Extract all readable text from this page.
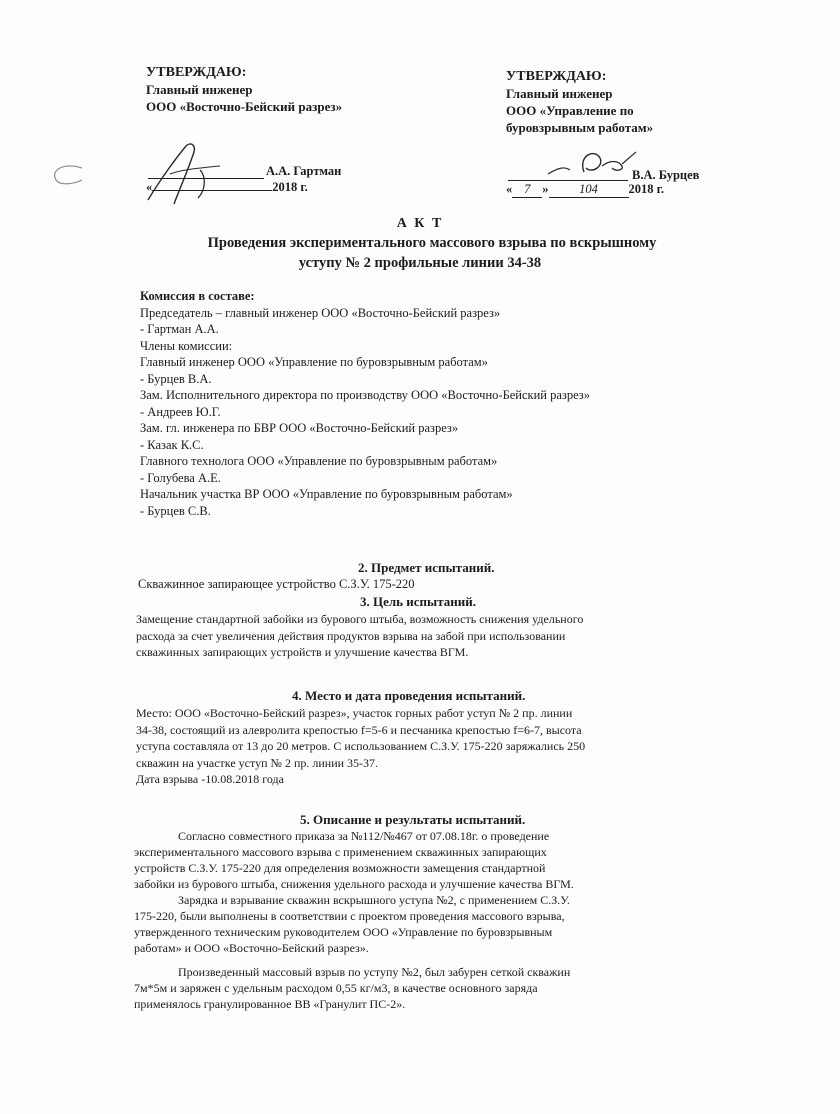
УТВЕРЖДАЮ:
Главный инженер
ООО «Восточно-Бейский разрез»
А.А. Гартман
«	2018 г.
УТВЕРЖДАЮ:
Главный инженер
ООО «Управление по
буровзрывным работам»
В.А. Бурцев
« 7 » 104 2018 г.
А К Т
Проведения экспериментального массового взрыва по вскрышному
уступу № 2 профильные линии 34-38
Комиссия в составе:
Председатель – главный инженер ООО «Восточно-Бейский разрез»
- Гартман А.А.
Члены комиссии:
Главный инженер ООО «Управление по буровзрывным работам»
- Бурцев В.А.
Зам. Исполнительного директора по производству ООО «Восточно-Бейский разрез»
- Андреев Ю.Г.
Зам. гл. инженера по БВР ООО «Восточно-Бейский разрез»
- Казак К.С.
Главного технолога ООО «Управление по буровзрывным работам»
- Голубева А.Е.
Начальник участка ВР ООО «Управление по буровзрывным работам»
- Бурцев С.В.
2. Предмет испытаний.
Скважинное запирающее устройство С.З.У. 175-220
3. Цель испытаний.
Замещение стандартной забойки из бурового штыба, возможность снижения удельного
расхода за счет увеличения действия продуктов взрыва на забой при использовании
скважинных запирающих устройств и улучшение качества ВГМ.
4. Место и дата проведения испытаний.
Место: ООО «Восточно-Бейский разрез», участок горных работ уступ № 2 пр. линии
34-38, состоящий из алевролита крепостью f=5-6 и песчаника крепостью f=6-7, высота
уступа составляла от 13 до 20 метров. С использованием С.З.У. 175-220 заряжались 250
скважин на участке уступ № 2 пр. линии 35-37.
Дата взрыва -10.08.2018 года
5. Описание и результаты испытаний.
Согласно совместного приказа за №112/№467 от 07.08.18г. о проведение
экспериментального массового взрыва с применением скважинных запирающих
устройств С.З.У. 175-220 для определения возможности замещения стандартной
забойки из бурового штыба, снижения удельного расхода и улучшение качества ВГМ.
Зарядка и взрывание скважин вскрышного уступа №2, с применением С.З.У.
175-220, были выполнены в соответствии с проектом проведения массового взрыва,
утвержденного техническим руководителем ООО «Управление по буровзрывным
работам» и ООО «Восточно-Бейский разрез».
Произведенный массовый взрыв по уступу №2, был забурен сеткой скважин
7м*5м и заряжен с удельным расходом 0,55 кг/м3, в качестве основного заряда
применялось гранулированное ВВ «Гранулит ПС-2».
